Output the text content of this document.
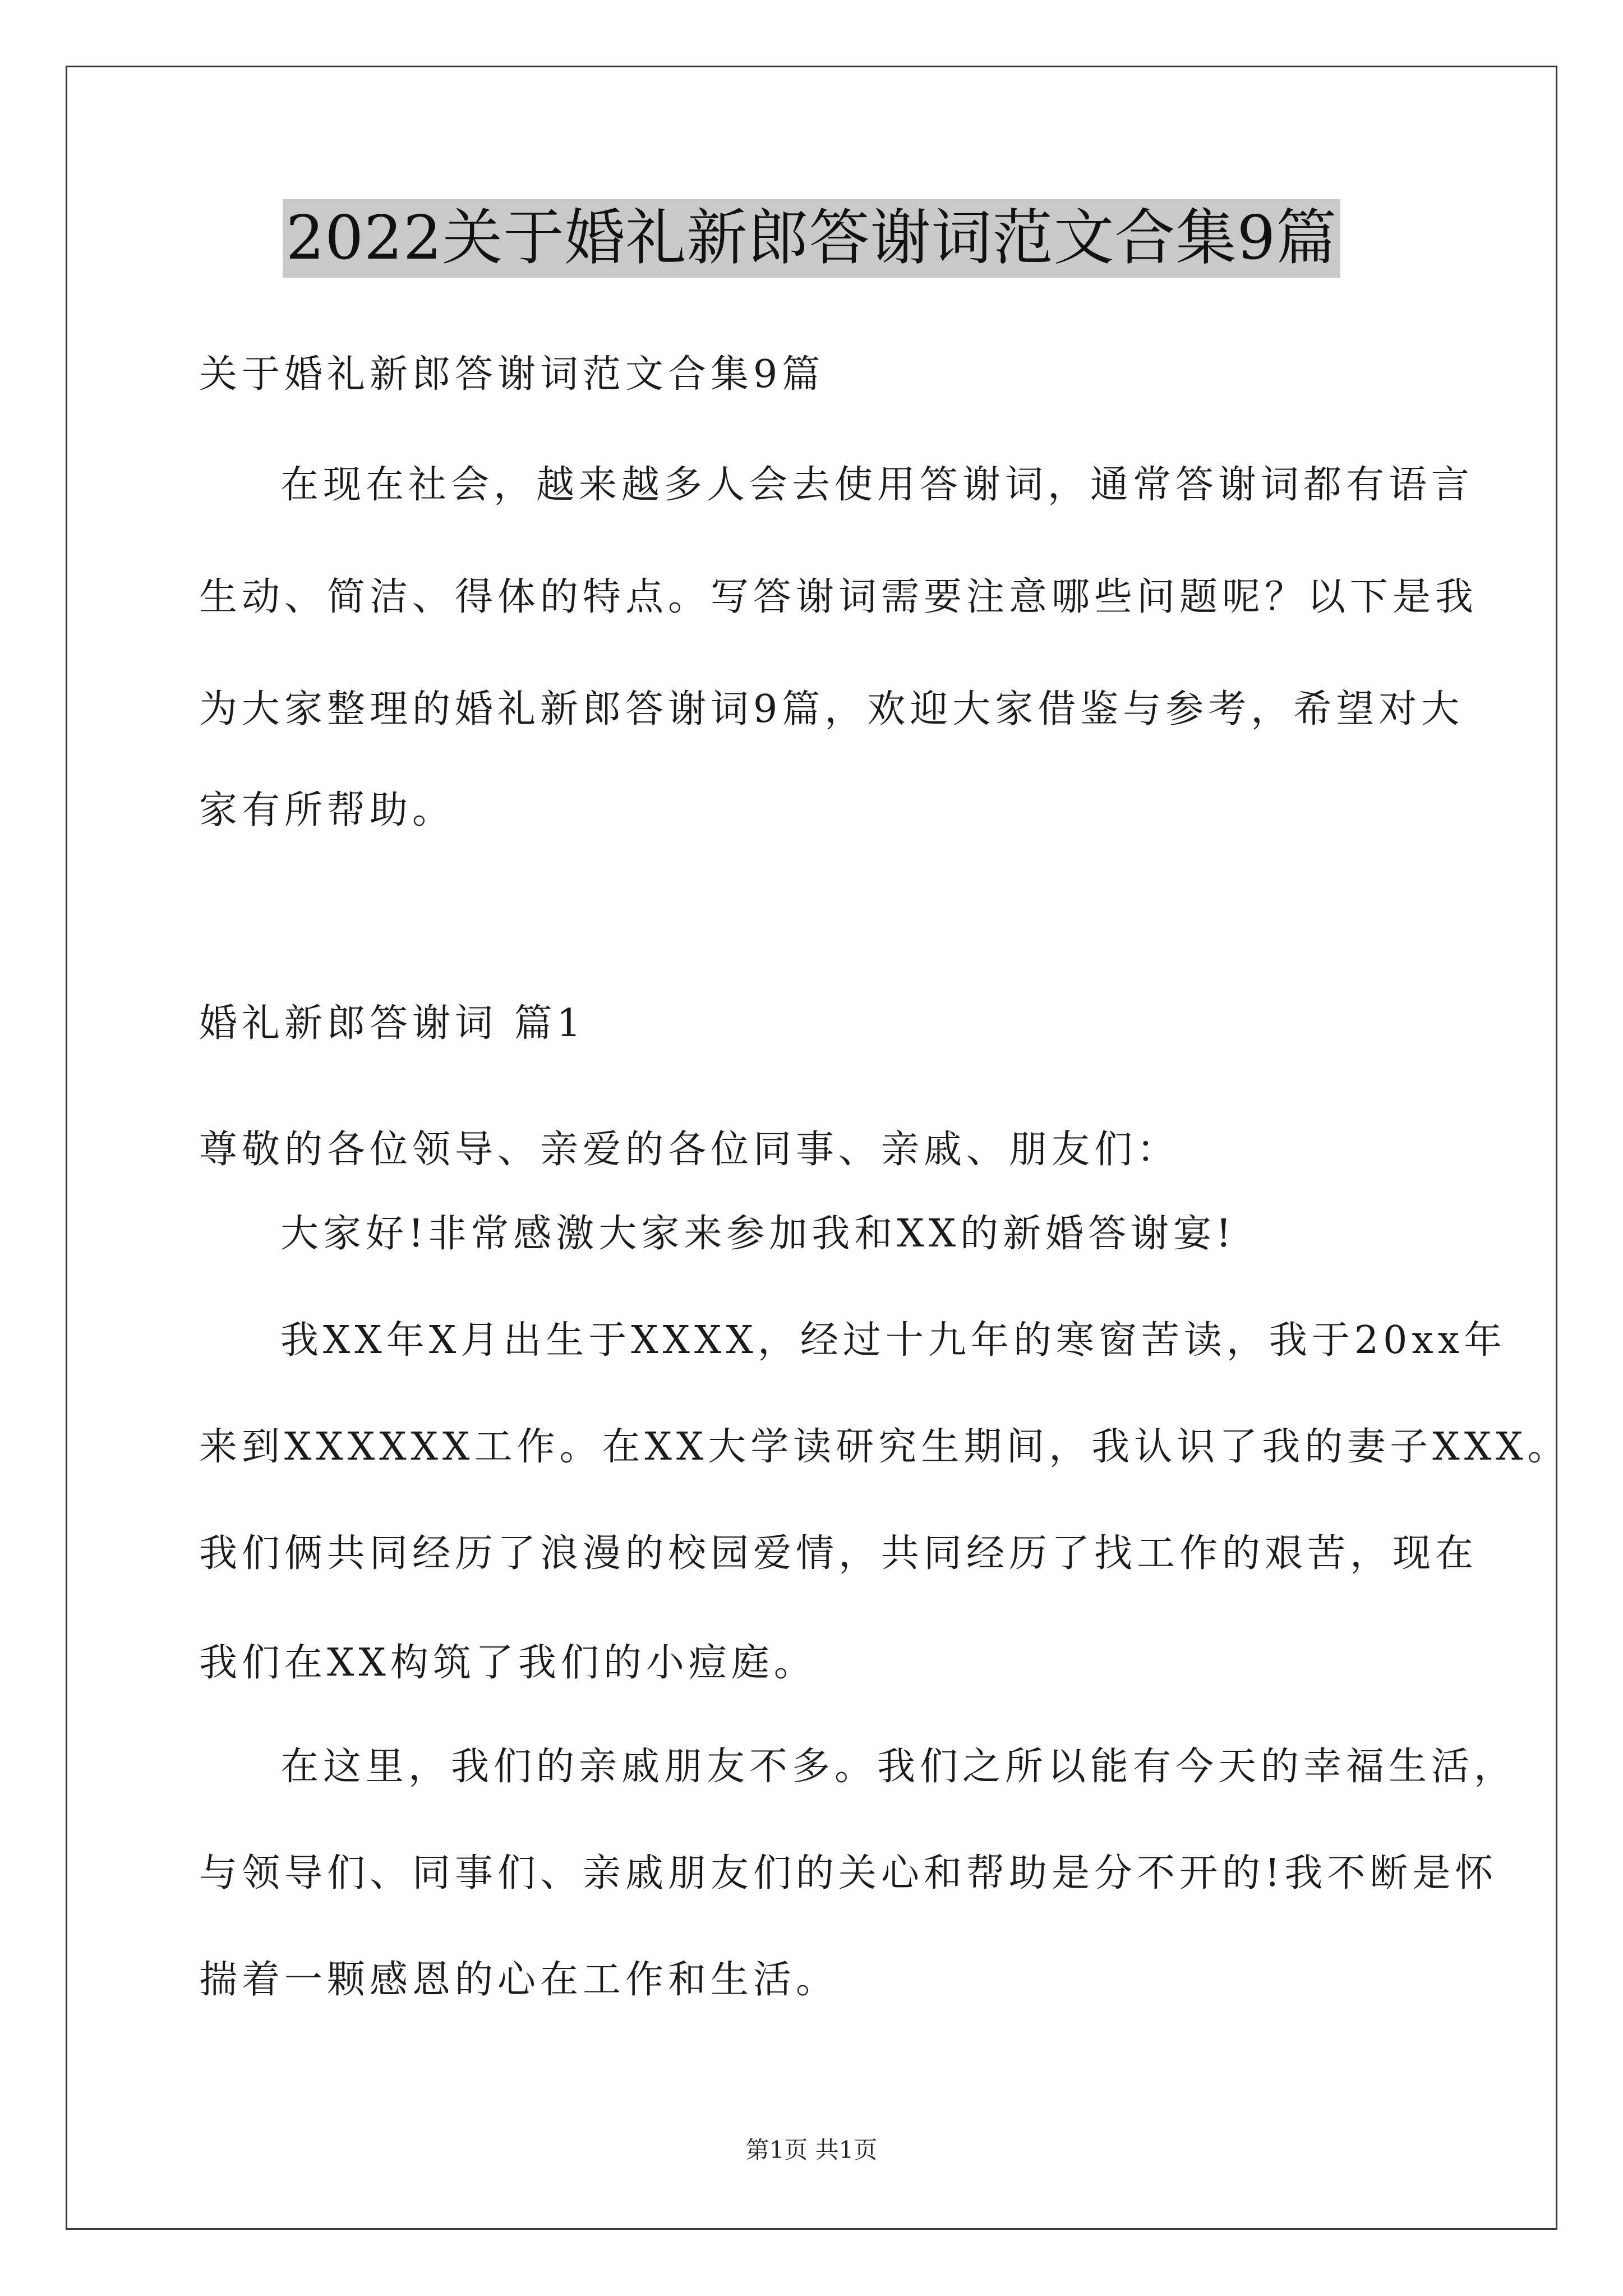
2022关于婚礼新郎答谢词范文合集9篇
关于婚礼新郎答谢词范文合集9篇
在现在社会，越来越多人会去使用答谢词，通常答谢词都有语言
生动、简洁、得体的特点。写答谢词需要注意哪些问题呢？以下是我
为大家整理的婚礼新郎答谢词9篇，欢迎大家借鉴与参考，希望对大
家有所帮助。
婚礼新郎答谢词 篇1
尊敬的各位领导、亲爱的各位同事、亲戚、朋友们：
大家好!非常感激大家来参加我和XX的新婚答谢宴!
我XX年X月出生于XXXX，经过十九年的寒窗苦读，我于20xx年
来到XXXXXX工作。在XX大学读研究生期间，我认识了我的妻子XXX。
我们俩共同经历了浪漫的校园爱情，共同经历了找工作的艰苦，现在
我们在XX构筑了我们的小痘庭。
在这里，我们的亲戚朋友不多。我们之所以能有今天的幸福生活，
与领导们、同事们、亲戚朋友们的关心和帮助是分不开的!我不断是怀
揣着一颗感恩的心在工作和生活。
第1页 共1页
